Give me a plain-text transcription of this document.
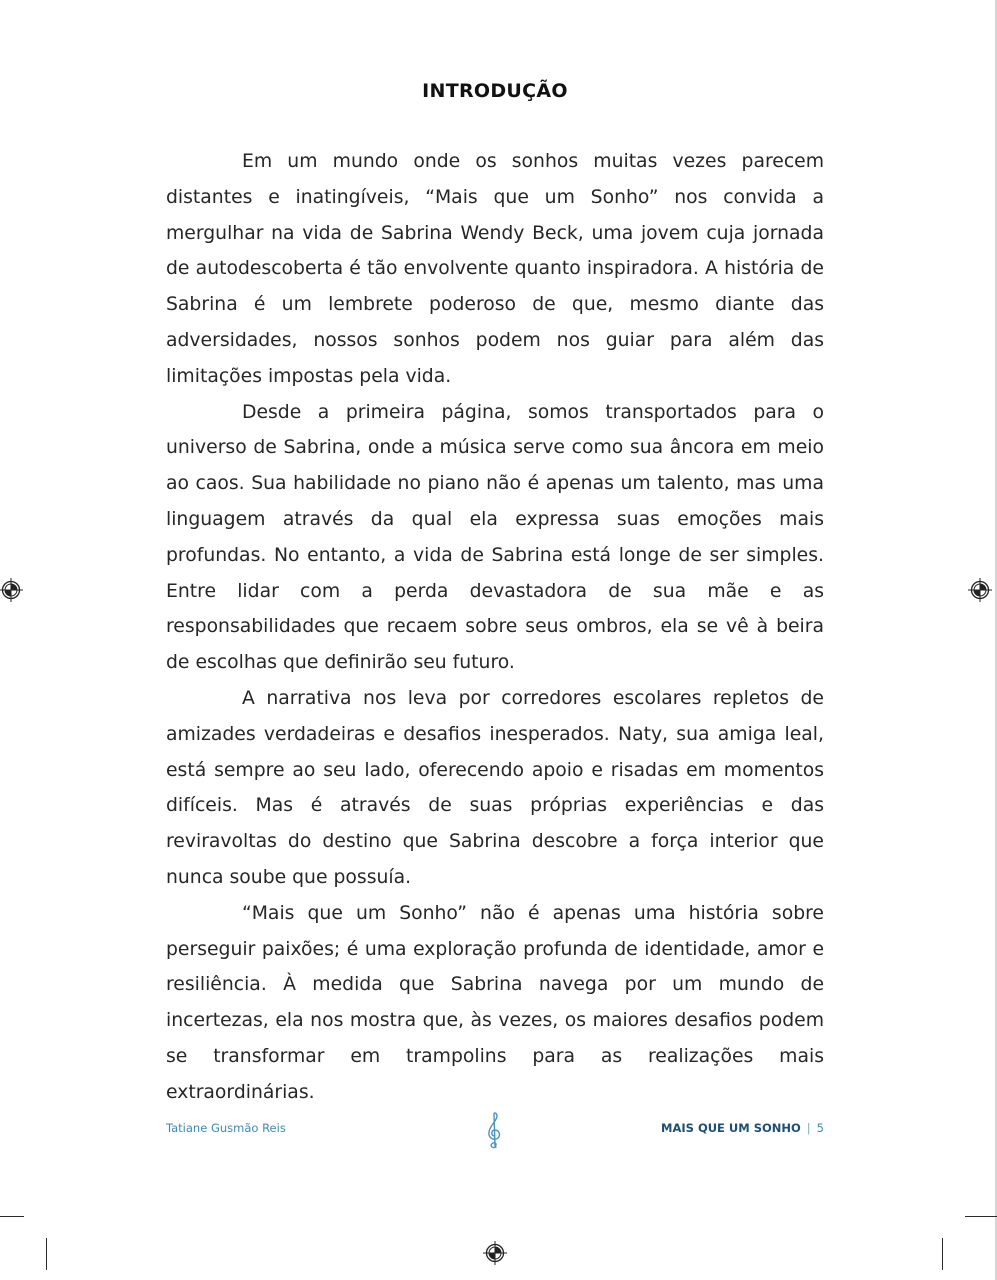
INTRODUÇÃO

Em um mundo onde os sonhos muitas vezes parecem distantes e inatingíveis, “Mais que um Sonho” nos convida a mergulhar na vida de Sabrina Wendy Beck, uma jovem cuja jornada de autodescoberta é tão envolvente quanto inspiradora. A história de Sabrina é um lembrete poderoso de que, mesmo diante das adversidades, nossos sonhos podem nos guiar para além das limitações impostas pela vida.

Desde a primeira página, somos transportados para o universo de Sabrina, onde a música serve como sua âncora em meio ao caos. Sua habilidade no piano não é apenas um talento, mas uma linguagem através da qual ela expressa suas emoções mais profundas. No entanto, a vida de Sabrina está longe de ser simples. Entre lidar com a perda devastadora de sua mãe e as responsabilidades que recaem sobre seus ombros, ela se vê à beira de escolhas que definirão seu futuro.

A narrativa nos leva por corredores escolares repletos de amizades verdadeiras e desafios inesperados. Naty, sua amiga leal, está sempre ao seu lado, oferecendo apoio e risadas em momentos difíceis. Mas é através de suas próprias experiências e das reviravoltas do destino que Sabrina descobre a força interior que nunca soube que possuía.

“Mais que um Sonho” não é apenas uma história sobre perseguir paixões; é uma exploração profunda de identidade, amor e resiliência. À medida que Sabrina navega por um mundo de incertezas, ela nos mostra que, às vezes, os maiores desafios podem se transformar em trampolins para as realizações mais extraordinárias.

Tatiane Gusmão Reis	MAIS QUE UM SONHO | 5
